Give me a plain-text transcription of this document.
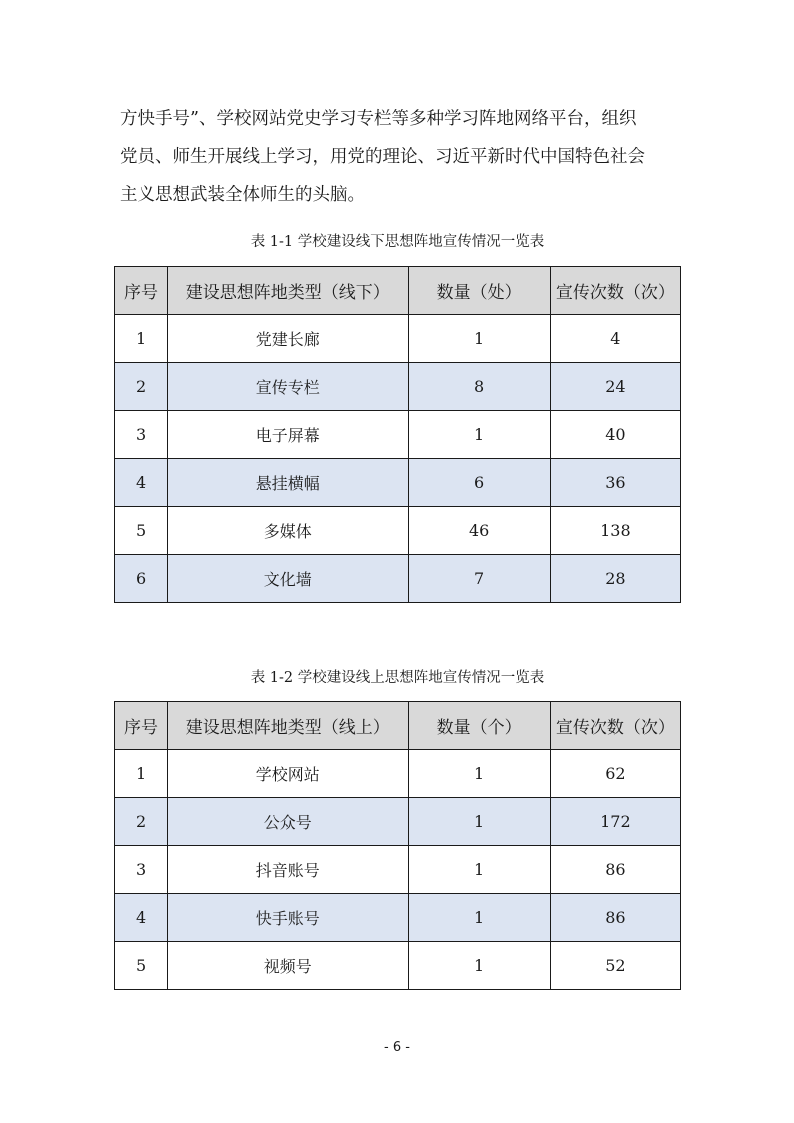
方快手号”、学校网站党史学习专栏等多种学习阵地网络平台，组织
党员、师生开展线上学习，用党的理论、习近平新时代中国特色社会
主义思想武装全体师生的头脑。

表 1-1 学校建设线下思想阵地宣传情况一览表

序号	建设思想阵地类型（线下）	数量（处）	宣传次数（次）
1	党建长廊	1	4
2	宣传专栏	8	24
3	电子屏幕	1	40
4	悬挂横幅	6	36
5	多媒体	46	138
6	文化墙	7	28

表 1-2 学校建设线上思想阵地宣传情况一览表

序号	建设思想阵地类型（线上）	数量（个）	宣传次数（次）
1	学校网站	1	62
2	公众号	1	172
3	抖音账号	1	86
4	快手账号	1	86
5	视频号	1	52
- 6 -
